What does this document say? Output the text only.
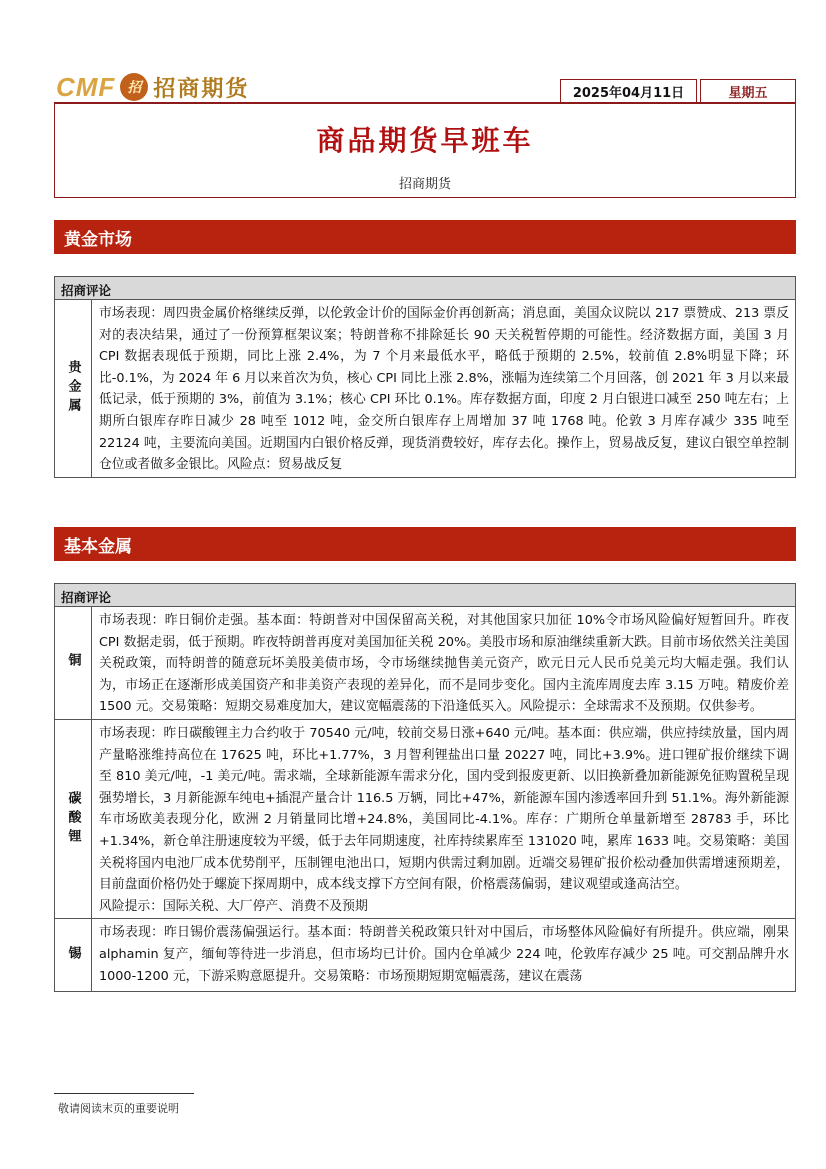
CMF 招 招商期货	2025年04月11日	星期五
商品期货早班车
招商期货
黄金市场
招商评论
贵金属

市场表现：周四贵金属价格继续反弹，以伦敦金计价的国际金价再创新高；消息面，美国众议院以 217 票赞成、213 票反对的表决结果，通过了一份预算框架议案；特朗普称不排除延长 90 天关税暂停期的可能性。经济数据方面，美国 3 月 CPI 数据表现低于预期，同比上涨 2.4%，为 7 个月来最低水平，略低于预期的 2.5%，较前值 2.8%明显下降；环比-0.1%，为 2024 年 6 月以来首次为负，核心 CPI 同比上涨 2.8%，涨幅为连续第二个月回落，创 2021 年 3 月以来最低记录，低于预期的 3%，前值为 3.1%；核心 CPI 环比 0.1%。库存数据方面，印度 2 月白银进口减至 250 吨左右；上期所白银库存昨日减少 28 吨至 1012 吨，金交所白银库存上周增加 37 吨 1768 吨。伦敦 3 月库存减少 335 吨至 22124 吨，主要流向美国。近期国内白银价格反弹，现货消费较好，库存去化。操作上，贸易战反复，建议白银空单控制仓位或者做多金银比。风险点：贸易战反复

基本金属
招商评论
铜

市场表现：昨日铜价走强。基本面：特朗普对中国保留高关税，对其他国家只加征 10%令市场风险偏好短暂回升。昨夜 CPI 数据走弱，低于预期。昨夜特朗普再度对美国加征关税 20%。美股市场和原油继续重新大跌。目前市场依然关注美国关税政策，而特朗普的随意玩坏美股美债市场，令市场继续抛售美元资产，欧元日元人民币兑美元均大幅走强。我们认为，市场正在逐渐形成美国资产和非美资产表现的差异化，而不是同步变化。国内主流库周度去库 3.15 万吨。精废价差 1500 元。交易策略：短期交易难度加大，建议宽幅震荡的下沿逢低买入。风险提示：全球需求不及预期。仅供参考。

碳酸锂

市场表现：昨日碳酸锂主力合约收于 70540 元/吨，较前交易日涨+640 元/吨。基本面：供应端，供应持续放量，国内周产量略涨维持高位在 17625 吨，环比+1.77%，3 月智利锂盐出口量 20227 吨，同比+3.9%。进口锂矿报价继续下调至 810 美元/吨，-1 美元/吨。需求端，全球新能源车需求分化，国内受到报废更新、以旧换新叠加新能源免征购置税呈现强势增长，3 月新能源车纯电+插混产量合计 116.5 万辆，同比+47%，新能源车国内渗透率回升到 51.1%。海外新能源车市场欧美表现分化，欧洲 2 月销量同比增+24.8%，美国同比-4.1%。库存：广期所仓单量新增至 28783 手，环比+1.34%，新仓单注册速度较为平缓，低于去年同期速度，社库持续累库至 131020 吨，累库 1633 吨。交易策略：美国关税将国内电池厂成本优势削平，压制锂电池出口，短期内供需过剩加剧。近端交易锂矿报价松动叠加供需增速预期差，目前盘面价格仍处于螺旋下探周期中，成本线支撑下方空间有限，价格震荡偏弱，建议观望或逢高沽空。

风险提示：国际关税、大厂停产、消费不及预期

锡

市场表现：昨日锡价震荡偏强运行。基本面：特朗普关税政策只针对中国后，市场整体风险偏好有所提升。供应端，刚果 alphamin 复产，缅甸等待进一步消息，但市场均已计价。国内仓单减少 224 吨，伦敦库存减少 25 吨。可交割品牌升水 1000-1200 元，下游采购意愿提升。交易策略：市场预期短期宽幅震荡，建议在震荡

敬请阅读末页的重要说明
